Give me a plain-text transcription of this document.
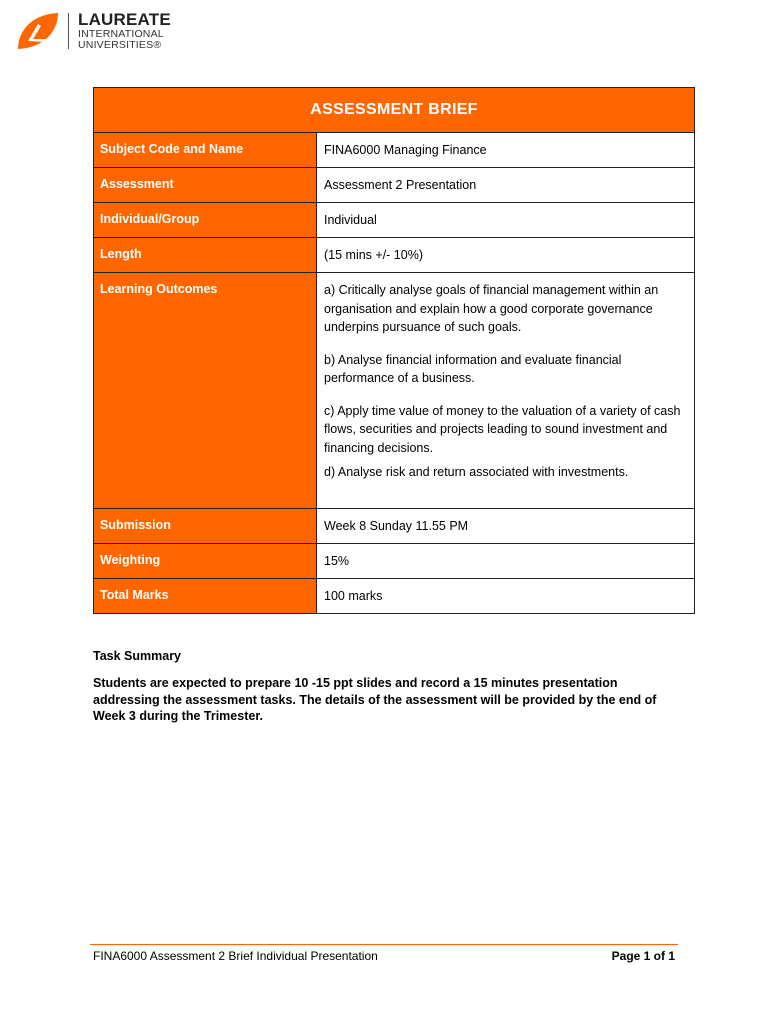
LAUREATE
INTERNATIONAL
UNIVERSITIES®
ASSESSMENT BRIEF	
Subject Code and Name	FINA6000 Managing Finance
Assessment	Assessment 2 Presentation
Individual/Group	Individual
Length	(15 mins +/- 10%)
Learning Outcomes	a) Critically analyse goals of financial management within an organisation and explain how a good corporate governance underpins pursuance of such goals.

b) Analyse financial information and evaluate financial performance of a business.

c) Apply time value of money to the valuation of a variety of cash flows, securities and projects leading to sound investment and financing decisions.

d) Analyse risk and return associated with investments.

Submission	Week 8 Sunday 11.55 PM
Weighting	15%
Total Marks	100 marks
Task Summary
Students are expected to prepare 10 -15 ppt slides and record a 15 minutes presentation addressing the assessment tasks. The details of the assessment will be provided by the end of Week 3 during the Trimester.
FINA6000 Assessment 2 Brief Individual Presentation	Page 1 of 1
